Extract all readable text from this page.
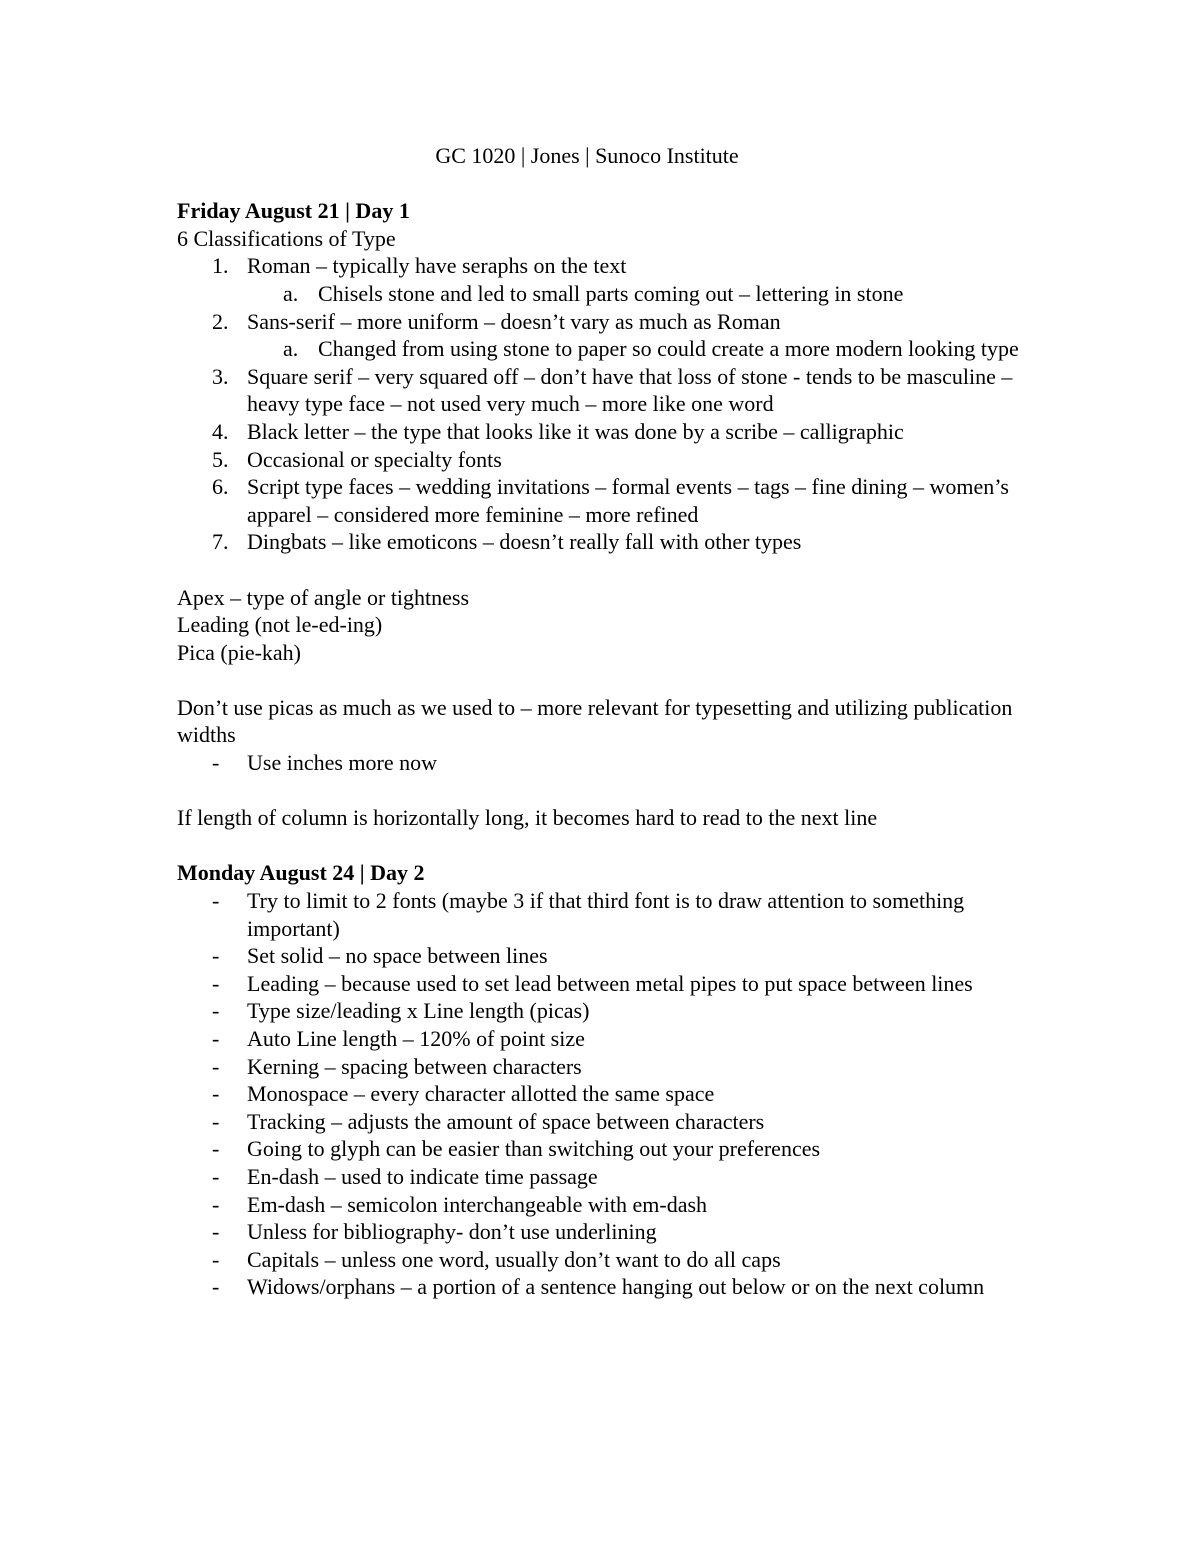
GC 1020 | Jones | Sunoco Institute
Friday August 21 | Day 1
6 Classifications of Type
1. Roman – typically have seraphs on the text
a. Chisels stone and led to small parts coming out – lettering in stone
2. Sans-serif – more uniform – doesn’t vary as much as Roman
a. Changed from using stone to paper so could create a more modern looking type
3. Square serif – very squared off – don’t have that loss of stone - tends to be masculine – heavy type face – not used very much – more like one word
4. Black letter – the type that looks like it was done by a scribe – calligraphic
5. Occasional or specialty fonts
6. Script type faces – wedding invitations – formal events – tags – fine dining – women’s apparel – considered more feminine – more refined
7. Dingbats – like emoticons – doesn’t really fall with other types
Apex – type of angle or tightness
Leading (not le-ed-ing)
Pica (pie-kah)
Don’t use picas as much as we used to – more relevant for typesetting and utilizing publication widths
- Use inches more now
If length of column is horizontally long, it becomes hard to read to the next line
Monday August 24 | Day 2
- Try to limit to 2 fonts (maybe 3 if that third font is to draw attention to something important)
- Set solid – no space between lines
- Leading – because used to set lead between metal pipes to put space between lines
- Type size/leading x Line length (picas)
- Auto Line length – 120% of point size
- Kerning – spacing between characters
- Monospace – every character allotted the same space
- Tracking – adjusts the amount of space between characters
- Going to glyph can be easier than switching out your preferences
- En-dash – used to indicate time passage
- Em-dash – semicolon interchangeable with em-dash
- Unless for bibliography- don’t use underlining
- Capitals – unless one word, usually don’t want to do all caps
- Widows/orphans – a portion of a sentence hanging out below or on the next column
